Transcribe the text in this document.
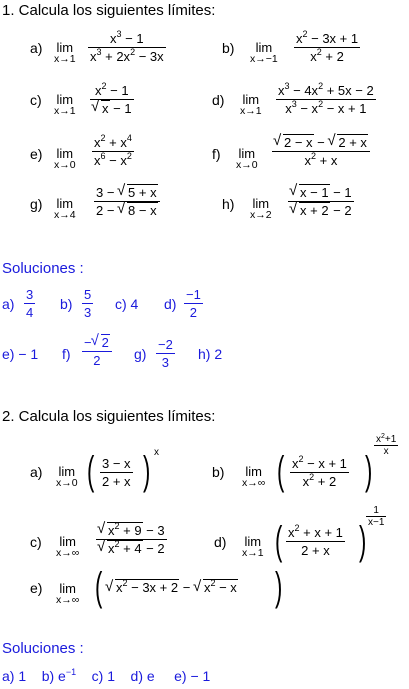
1. Calcula los siguientes límites:
a) lim
x→1
$x^3 - 1$
$x^3 + 2x^2 - 3x$
b)	lim
x→−1
$x^2 - 3x + 1$
$x^2 + 2$
c) lim
x→1
$x^2 - 1$
√ x − 1
d) lim
x→1
$x^3 - 4x^2 + 5x - 2$
$x^3 - x^2 - x + 1$
e) lim
x→0
$x^2 + x^4$
$x^6 - x^2$	f) lim
x→0
√ 2 − x − √ 2 + x
$x^2 + x$
g) lim
x→4
3 − √ 5 + x
2 − √ 8 − x	h) lim
x→2
√ x − 1 − 1
√ x + 2 − 2
Soluciones :
a)
3
4
b)
5
3
c) 4 d)
−1
2
e) − 1 f)
− √ 2
2 g)
−2
3
h) 2
2. Calcula los siguientes límites:
a) lim
x→0 ( 3 − x
2 + x ) x
b) lim
x→∞ ( $x^2 - x + 1$
$x^2 + 2$ )
$x^2+1$
x
c) lim
x→∞
√ $x^2 + 9 - 3$
√ $x^2 + 4 - 2$	d) lim
x→1 ( $x^2 + x + 1$
2 + x )
1
x−1
e) lim
x→∞ (	√ $x^2 - 3x + 2$ − √ $x^2 - x$ )
Soluciones :
a) 1 b) $e^{-1}$ c) 1 d) e e) − 1
